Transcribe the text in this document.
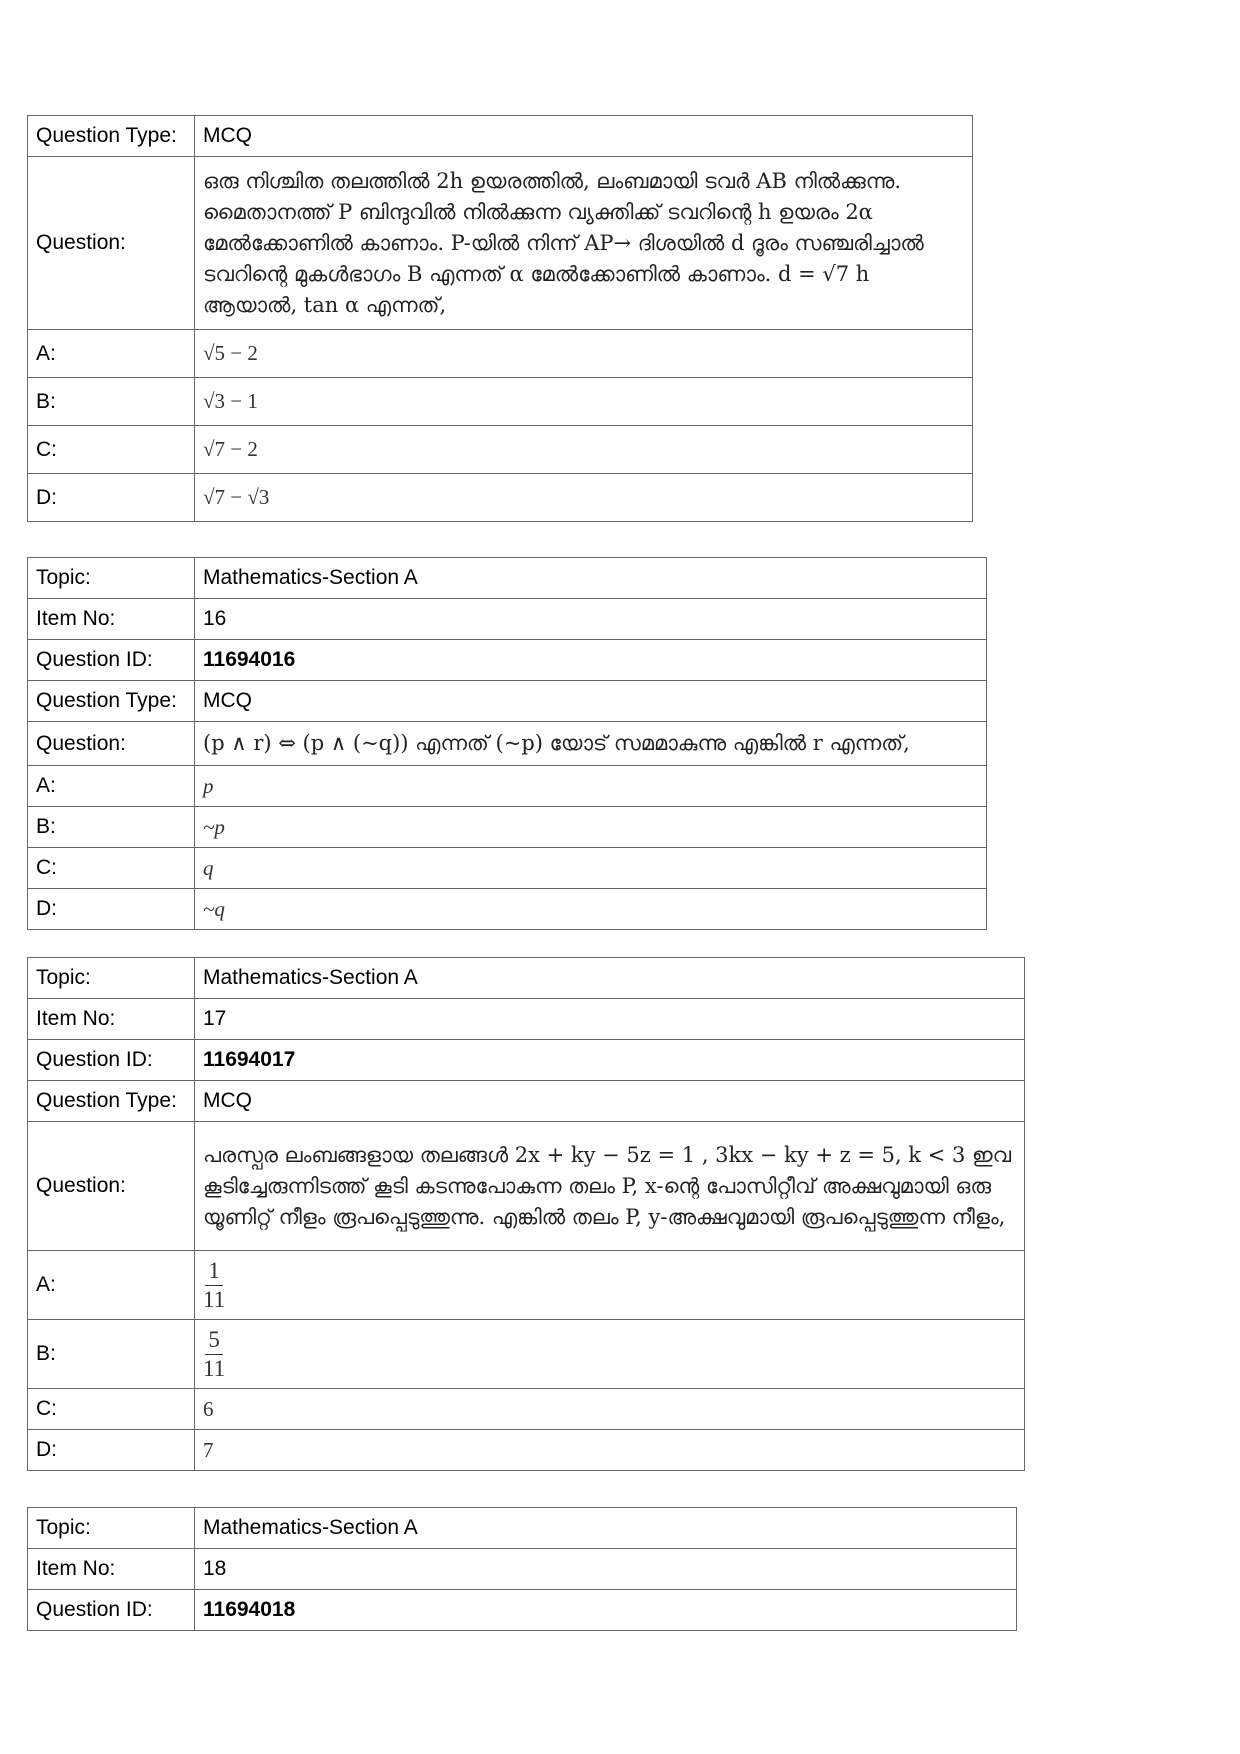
Question Type:	MCQ
Question:	ഒരു നിശ്ചിത തലത്തിൽ 2h ഉയരത്തിൽ, ലംബമായി ടവർ AB നിൽക്കുന്നു. മൈതാനത്ത് P ബിന്ദുവിൽ നിൽക്കുന്ന വ്യക്തിക്ക് ടവറിന്റെ h ഉയരം 2α മേൽക്കോണിൽ കാണാം. P-യിൽ നിന്ന് AP→ ദിശയിൽ d ദൂരം സഞ്ചരിച്ചാൽ ടവറിന്റെ മുകൾഭാഗം B എന്നത് α മേൽക്കോണിൽ കാണാം. d = √7 h ആയാൽ, tan α എന്നത്,
A:	√5 − 2
B:	√3 − 1
C:	√7 − 2
D:	√7 − √3
Topic:	Mathematics-Section A
Item No:	16
Question ID:	11694016
Question Type:	MCQ
Question:	(p ∧ r) ⇔ (p ∧ (~q)) എന്നത് (~p) യോട് സമമാകുന്നു എങ്കിൽ r എന്നത്,
A:	p
B:	~p
C:	q
D:	~q
Topic:	Mathematics-Section A
Item No:	17
Question ID:	11694017
Question Type:	MCQ
Question:	പരസ്പര ലംബങ്ങളായ തലങ്ങൾ 2x + ky − 5z = 1 , 3kx − ky + z = 5, k < 3 ഇവ കൂടിച്ചേരുന്നിടത്ത് കൂടി കടന്നുപോകുന്ന തലം P, x-ന്റെ പോസിറ്റീവ് അക്ഷവുമായി ഒരു യൂണിറ്റ് നീളം രൂപപ്പെടുത്തുന്നു. എങ്കിൽ തലം P, y-അക്ഷവുമായി രൂപപ്പെടുത്തുന്ന നീളം,
A:	$\frac{1}{11}$

B:	$\frac{5}{11}$

C:	6
D:	7
Topic:	Mathematics-Section A
Item No:	18
Question ID:	11694018
